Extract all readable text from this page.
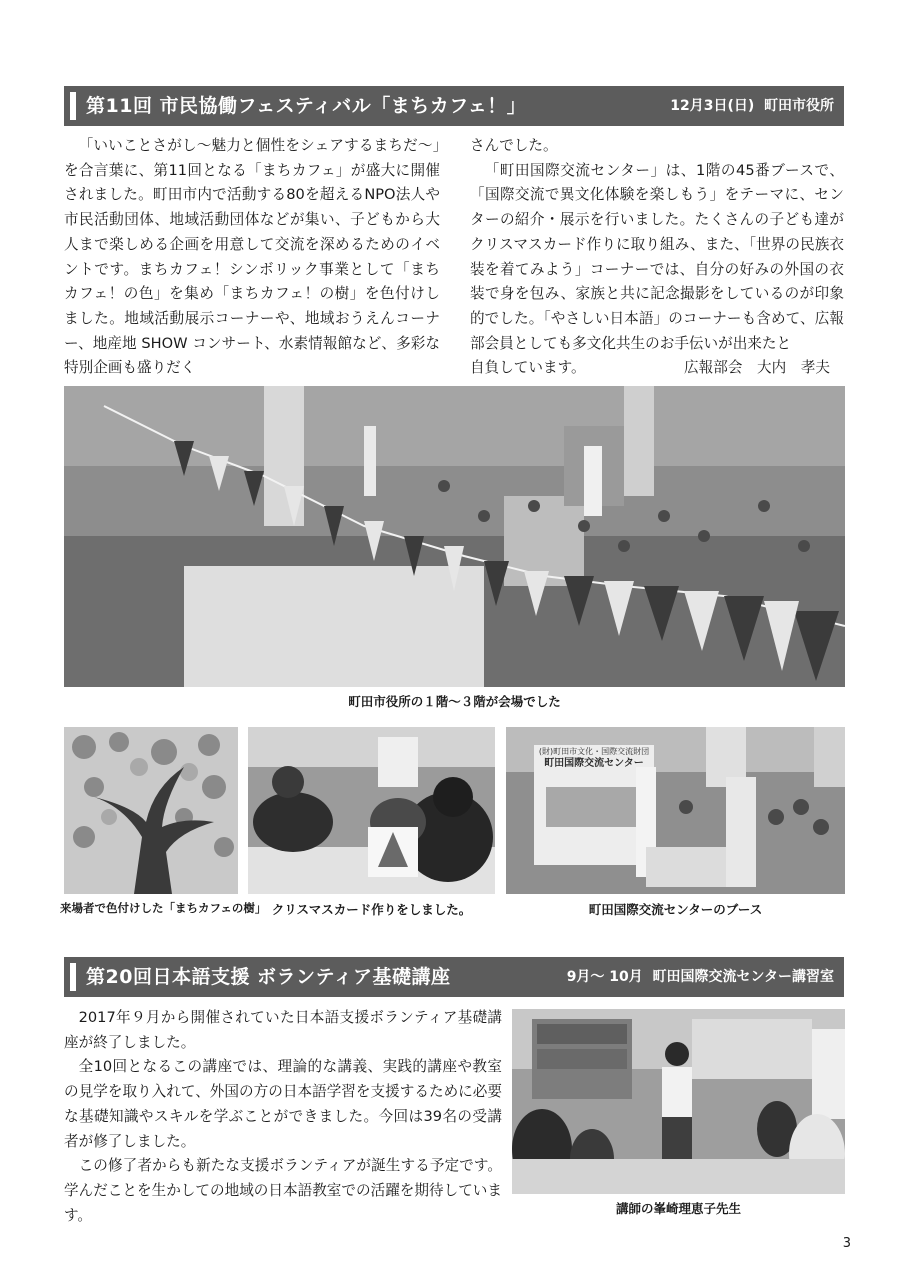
第11回 市民協働フェスティバル「まちカフェ！」	12月3日(日) 町田市役所

「いいことさがし〜魅力と個性をシェアするまちだ〜」を合言葉に、第11回となる「まちカフェ」が盛大に開催されました。町田市内で活動する80を超えるNPO法人や市民活動団体、地域活動団体などが集い、子どもから大人まで楽しめる企画を用意して交流を深めるためのイベントです。まちカフェ！シンボリック事業として「まちカフェ！の色」を集め「まちカフェ！の樹」を色付けしました。地域活動展示コーナーや、地域おうえんコーナー、地産地 SHOW コンサート、水素情報館など、多彩な特別企画も盛りだく

さんでした。

「町田国際交流センター」は、1階の45番ブースで、「国際交流で異文化体験を楽しもう」をテーマに、センターの紹介・展示を行いました。たくさんの子ども達がクリスマスカード作りに取り組み、また、「世界の民族衣装を着てみよう」コーナーでは、自分の好みの外国の衣装で身を包み、家族と共に記念撮影をしているのが印象的でした。「やさしい日本語」のコーナーも含めて、広報部会員としても多文化共生のお手伝いが出来たと

自負しています。	広報部会　大内　孝夫

町田市役所の１階〜３階が会場でした
来場者で色付けした「まちカフェの樹」 クリスマスカード作りをしました。
(財)町田市文化・国際交流財団
町田国際交流センター
町田国際交流センターのブース
第20回日本語支援 ボランティア基礎講座	9月〜 10月 町田国際交流センター講習室

2017年９月から開催されていた日本語支援ボランティア基礎講座が終了しました。

全10回となるこの講座では、理論的な講義、実践的講座や教室の見学を取り入れて、外国の方の日本語学習を支援するために必要な基礎知識やスキルを学ぶことができました。今回は39名の受講者が修了しました。

この修了者からも新たな支援ボランティアが誕生する予定です。学んだことを生かしての地域の日本語教室での活躍を期待しています。	講師の峯崎理恵子先生
3
